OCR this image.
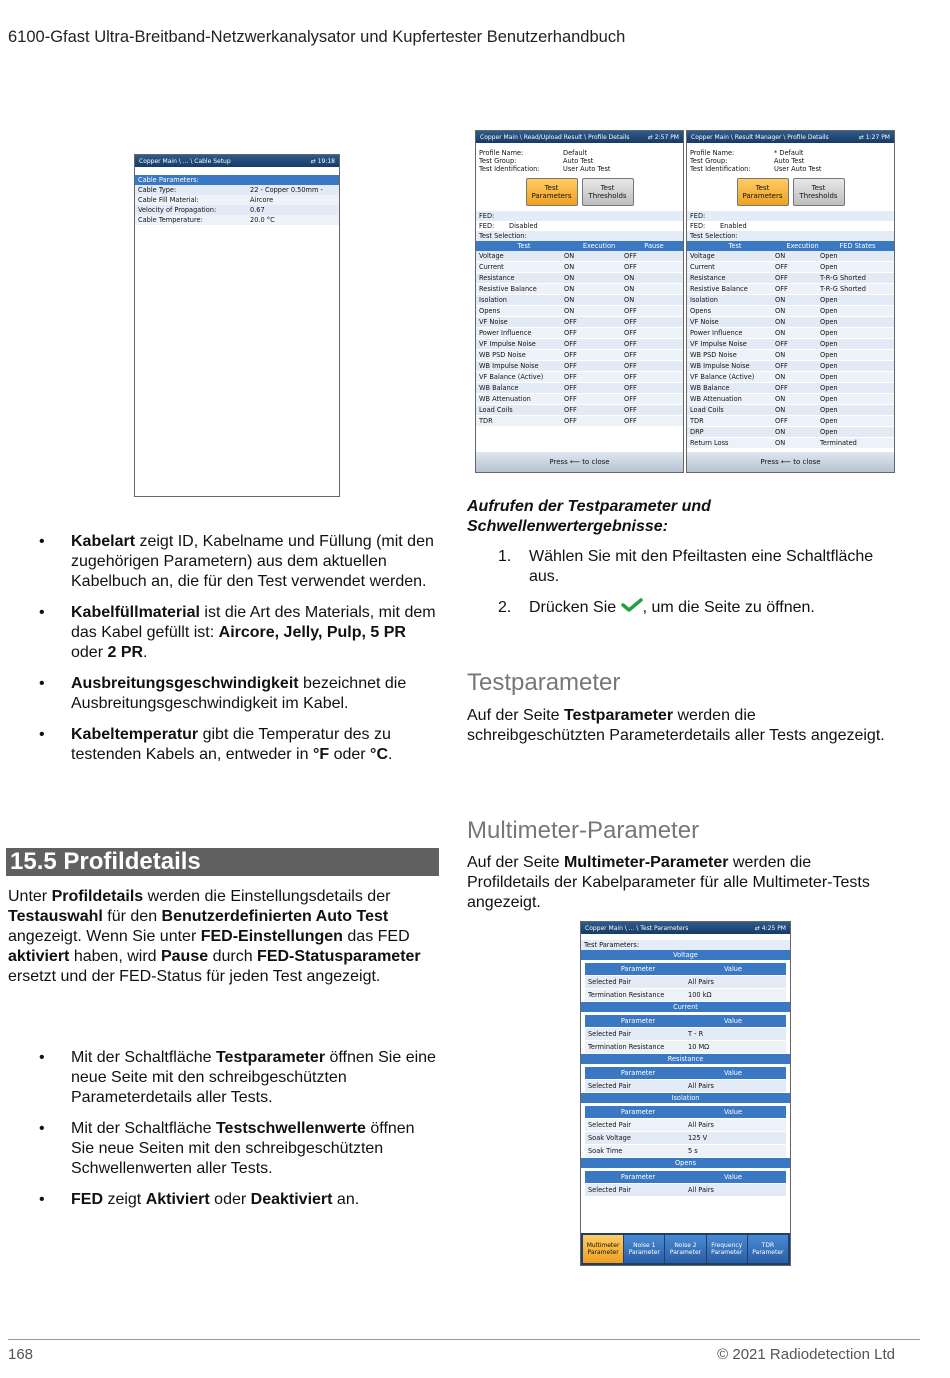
6100-Gfast Ultra-Breitband-Netzwerkanalysator und Kupfertester Benutzerhandbuch
Copper Main \ ... \ Cable Setup	⇄ 19:18
Cable Parameters:
Cable Type:	22 - Copper 0.50mm -
Cable Fill Material:	Aircore
Velocity of Propagation:	0.67
Cable Temperature:	20.0 °C
Copper Main \ Read/Upload Result \ Profile Details	⇄ 2:57 PM
Profile Name:	Default
Test Group:	Auto Test
Test Identification:	User Auto Test
Test Parameters
Test Thresholds
FED:
FED:	Disabled
Test Selection:
Test	Execution	Pause
Voltage	ON	OFF
Current	ON	OFF
Resistance	ON	ON
Resistive Balance	ON	ON
Isolation	ON	ON
Opens	ON	OFF
VF Noise	OFF	OFF
Power Influence	OFF	OFF
VF Impulse Noise	OFF	OFF
WB PSD Noise	OFF	OFF
WB Impulse Noise	OFF	OFF
VF Balance (Active)	OFF	OFF
WB Balance	OFF	OFF
WB Attenuation	OFF	OFF
Load Coils	OFF	OFF
TDR	OFF	OFF
Press ⟵ to close
Copper Main \ Result Manager \ Profile Details	⇄ 1:27 PM
Profile Name:	* Default
Test Group:	Auto Test
Test Identification:	User Auto Test
Test Parameters
Test Thresholds
FED:
FED:	Enabled
Test Selection:
Test	Execution	FED States
Voltage	ON	Open
Current	OFF	Open
Resistance	OFF	T-R-G Shorted
Resistive Balance	OFF	T-R-G Shorted
Isolation	ON	Open
Opens	ON	Open
VF Noise	ON	Open
Power Influence	ON	Open
VF Impulse Noise	OFF	Open
WB PSD Noise	ON	Open
WB Impulse Noise	OFF	Open
VF Balance (Active)	ON	Open
WB Balance	OFF	Open
WB Attenuation	ON	Open
Load Coils	ON	Open
TDR	OFF	Open
DRP	ON	Open
Return Loss	ON	Terminated
Press ⟵ to close
• Kabelart zeigt ID, Kabelname und Füllung (mit den zugehörigen Parametern) aus dem aktuellen Kabelbuch an, die für den Test verwendet werden.
• Kabelfüllmaterial ist die Art des Materials, mit dem das Kabel gefüllt ist: Aircore, Jelly, Pulp, 5 PR oder 2 PR.
• Ausbreitungsgeschwindigkeit bezeichnet die Ausbreitungsgeschwindigkeit im Kabel.
• Kabeltemperatur gibt die Temperatur des zu testenden Kabels an, entweder in °F oder °C.
15.5 Profildetails

Unter Profildetails werden die Einstellungsdetails der Testauswahl für den Benutzerdefinierten Auto Test angezeigt. Wenn Sie unter FED-Einstellungen das FED aktiviert haben, wird Pause durch FED-Statusparameter ersetzt und der FED-Status für jeden Test angezeigt.

• Mit der Schaltfläche Testparameter öffnen Sie eine neue Seite mit den schreibgeschützten Parameterdetails aller Tests.
• Mit der Schaltfläche Testschwellenwerte öffnen Sie neue Seiten mit den schreibgeschützten Schwellenwerten aller Tests.
• FED zeigt Aktiviert oder Deaktiviert an.
Aufrufen der Testparameter und Schwellenwertergebnisse:
1. Wählen Sie mit den Pfeiltasten eine Schaltfläche aus.
2. Drücken Sie , um die Seite zu öffnen.
Testparameter

Auf der Seite Testparameter werden die schreibgeschützten Parameterdetails aller Tests angezeigt.

Multimeter-Parameter

Auf der Seite Multimeter-Parameter werden die Profildetails der Kabelparameter für alle Multimeter-Tests angezeigt.

Copper Main \ ... \ Test Parameters	⇄ 4:25 PM
Test Parameters:
Voltage
Parameter	Value
Selected Pair	All Pairs
Termination Resistance	100 kΩ
Current
Parameter	Value
Selected Pair	T - R
Termination Resistance	10 MΩ
Resistance
Parameter	Value
Selected Pair	All Pairs
Isolation
Parameter	Value
Selected Pair	All Pairs
Soak Voltage	125 V
Soak Time	5 s
Opens
Parameter	Value
Selected Pair	All Pairs
Multimeter Parameter
Noise 1 Parameter
Noise 2 Parameter
Frequency Parameter
TDR Parameter
168	© 2021 Radiodetection Ltd
